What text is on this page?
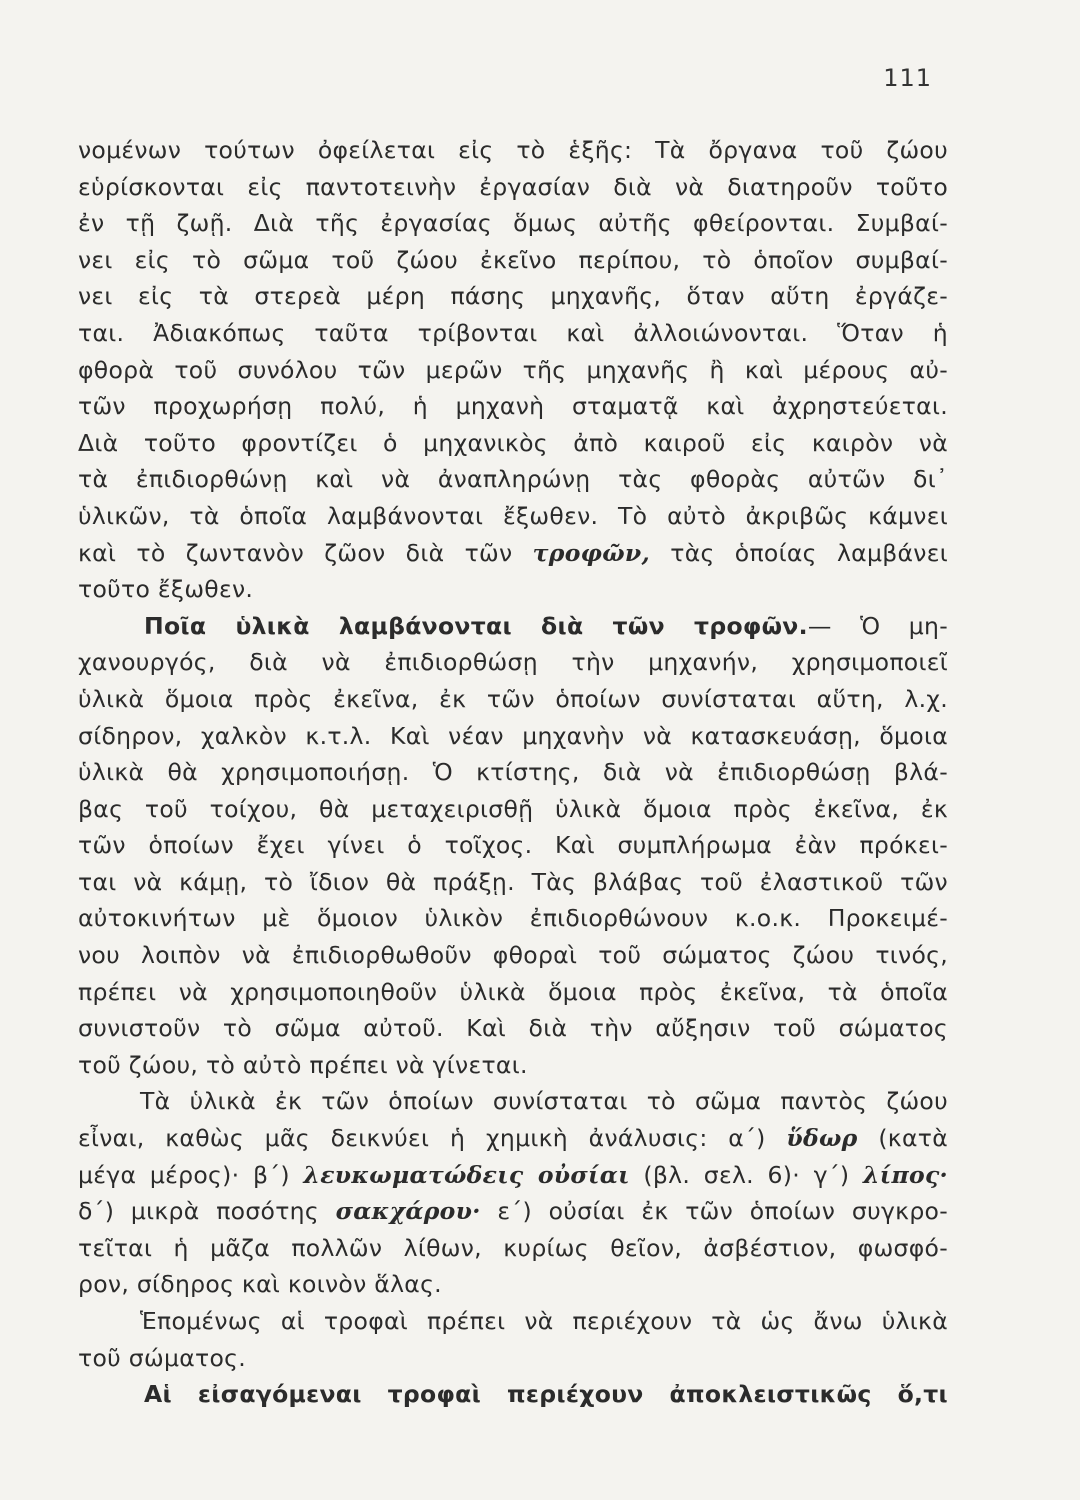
111
νομένων τούτων ὀφείλεται εἰς τὸ ἑξῆς: Τὰ ὄργανα τοῦ ζώου
εὑρίσκονται εἰς παντοτεινὴν ἐργασίαν διὰ νὰ διατηροῦν τοῦτο
ἐν τῇ ζωῇ. Διὰ τῆς ἐργασίας ὅμως αὐτῆς φθείρονται. Συμβαί-
νει εἰς τὸ σῶμα τοῦ ζώου ἐκεῖνο περίπου, τὸ ὁποῖον συμβαί-
νει εἰς τὰ στερεὰ μέρη πάσης μηχανῆς, ὅταν αὕτη ἐργάζε-
ται. Ἀδιακόπως ταῦτα τρίβονται καὶ ἀλλοιώνονται. Ὅταν ἡ
φθορὰ τοῦ συνόλου τῶν μερῶν τῆς μηχανῆς ἢ καὶ μέρους αὐ-
τῶν προχωρήσῃ πολύ, ἡ μηχανὴ σταματᾷ καὶ ἀχρηστεύεται.
Διὰ τοῦτο φροντίζει ὁ μηχανικὸς ἀπὸ καιροῦ εἰς καιρὸν νὰ
τὰ ἐπιδιορθώνῃ καὶ νὰ ἀναπληρώνῃ τὰς φθορὰς αὐτῶν δι᾽
ὑλικῶν, τὰ ὁποῖα λαμβάνονται ἔξωθεν. Τὸ αὐτὸ ἀκριβῶς κάμνει
καὶ τὸ ζωντανὸν ζῶον διὰ τῶν τροφῶν, τὰς ὁποίας λαμβάνει
τοῦτο ἔξωθεν.
Ποῖα ὑλικὰ λαμβάνονται διὰ τῶν τροφῶν.— Ὁ μη-
χανουργός, διὰ νὰ ἐπιδιορθώσῃ τὴν μηχανήν, χρησιμοποιεῖ
ὑλικὰ ὅμοια πρὸς ἐκεῖνα, ἐκ τῶν ὁποίων συνίσταται αὕτη, λ.χ.
σίδηρον, χαλκὸν κ.τ.λ. Καὶ νέαν μηχανὴν νὰ κατασκευάσῃ, ὅμοια
ὑλικὰ θὰ χρησιμοποιήσῃ. Ὁ κτίστης, διὰ νὰ ἐπιδιορθώσῃ βλά-
βας τοῦ τοίχου, θὰ μεταχειρισθῇ ὑλικὰ ὅμοια πρὸς ἐκεῖνα, ἐκ
τῶν ὁποίων ἔχει γίνει ὁ τοῖχος. Καὶ συμπλήρωμα ἐὰν πρόκει-
ται νὰ κάμῃ, τὸ ἴδιον θὰ πράξῃ. Τὰς βλάβας τοῦ ἐλαστικοῦ τῶν
αὐτοκινήτων μὲ ὅμοιον ὑλικὸν ἐπιδιορθώνουν κ.ο.κ. Προκειμέ-
νου λοιπὸν νὰ ἐπιδιορθωθοῦν φθοραὶ τοῦ σώματος ζώου τινός,
πρέπει νὰ χρησιμοποιηθοῦν ὑλικὰ ὅμοια πρὸς ἐκεῖνα, τὰ ὁποῖα
συνιστοῦν τὸ σῶμα αὐτοῦ. Καὶ διὰ τὴν αὔξησιν τοῦ σώματος
τοῦ ζώου, τὸ αὐτὸ πρέπει νὰ γίνεται.
Τὰ ὑλικὰ ἐκ τῶν ὁποίων συνίσταται τὸ σῶμα παντὸς ζώου
εἶναι, καθὼς μᾶς δεικνύει ἡ χημικὴ ἀνάλυσις: α´) ὕδωρ (κατὰ
μέγα μέρος)· β´) λευκωματώδεις οὐσίαι (βλ. σελ. 6)· γ´) λίπος·
δ´) μικρὰ ποσότης σακχάρου· ε´) οὐσίαι ἐκ τῶν ὁποίων συγκρο-
τεῖται ἡ μᾶζα πολλῶν λίθων, κυρίως θεῖον, ἀσβέστιον, φωσφό-
ρον, σίδηρος καὶ κοινὸν ἅλας.
Ἑπομένως αἱ τροφαὶ πρέπει νὰ περιέχουν τὰ ὡς ἄνω ὑλικὰ
τοῦ σώματος.
Αἱ εἰσαγόμεναι τροφαὶ περιέχουν ἀποκλειστικῶς ὅ,τι
